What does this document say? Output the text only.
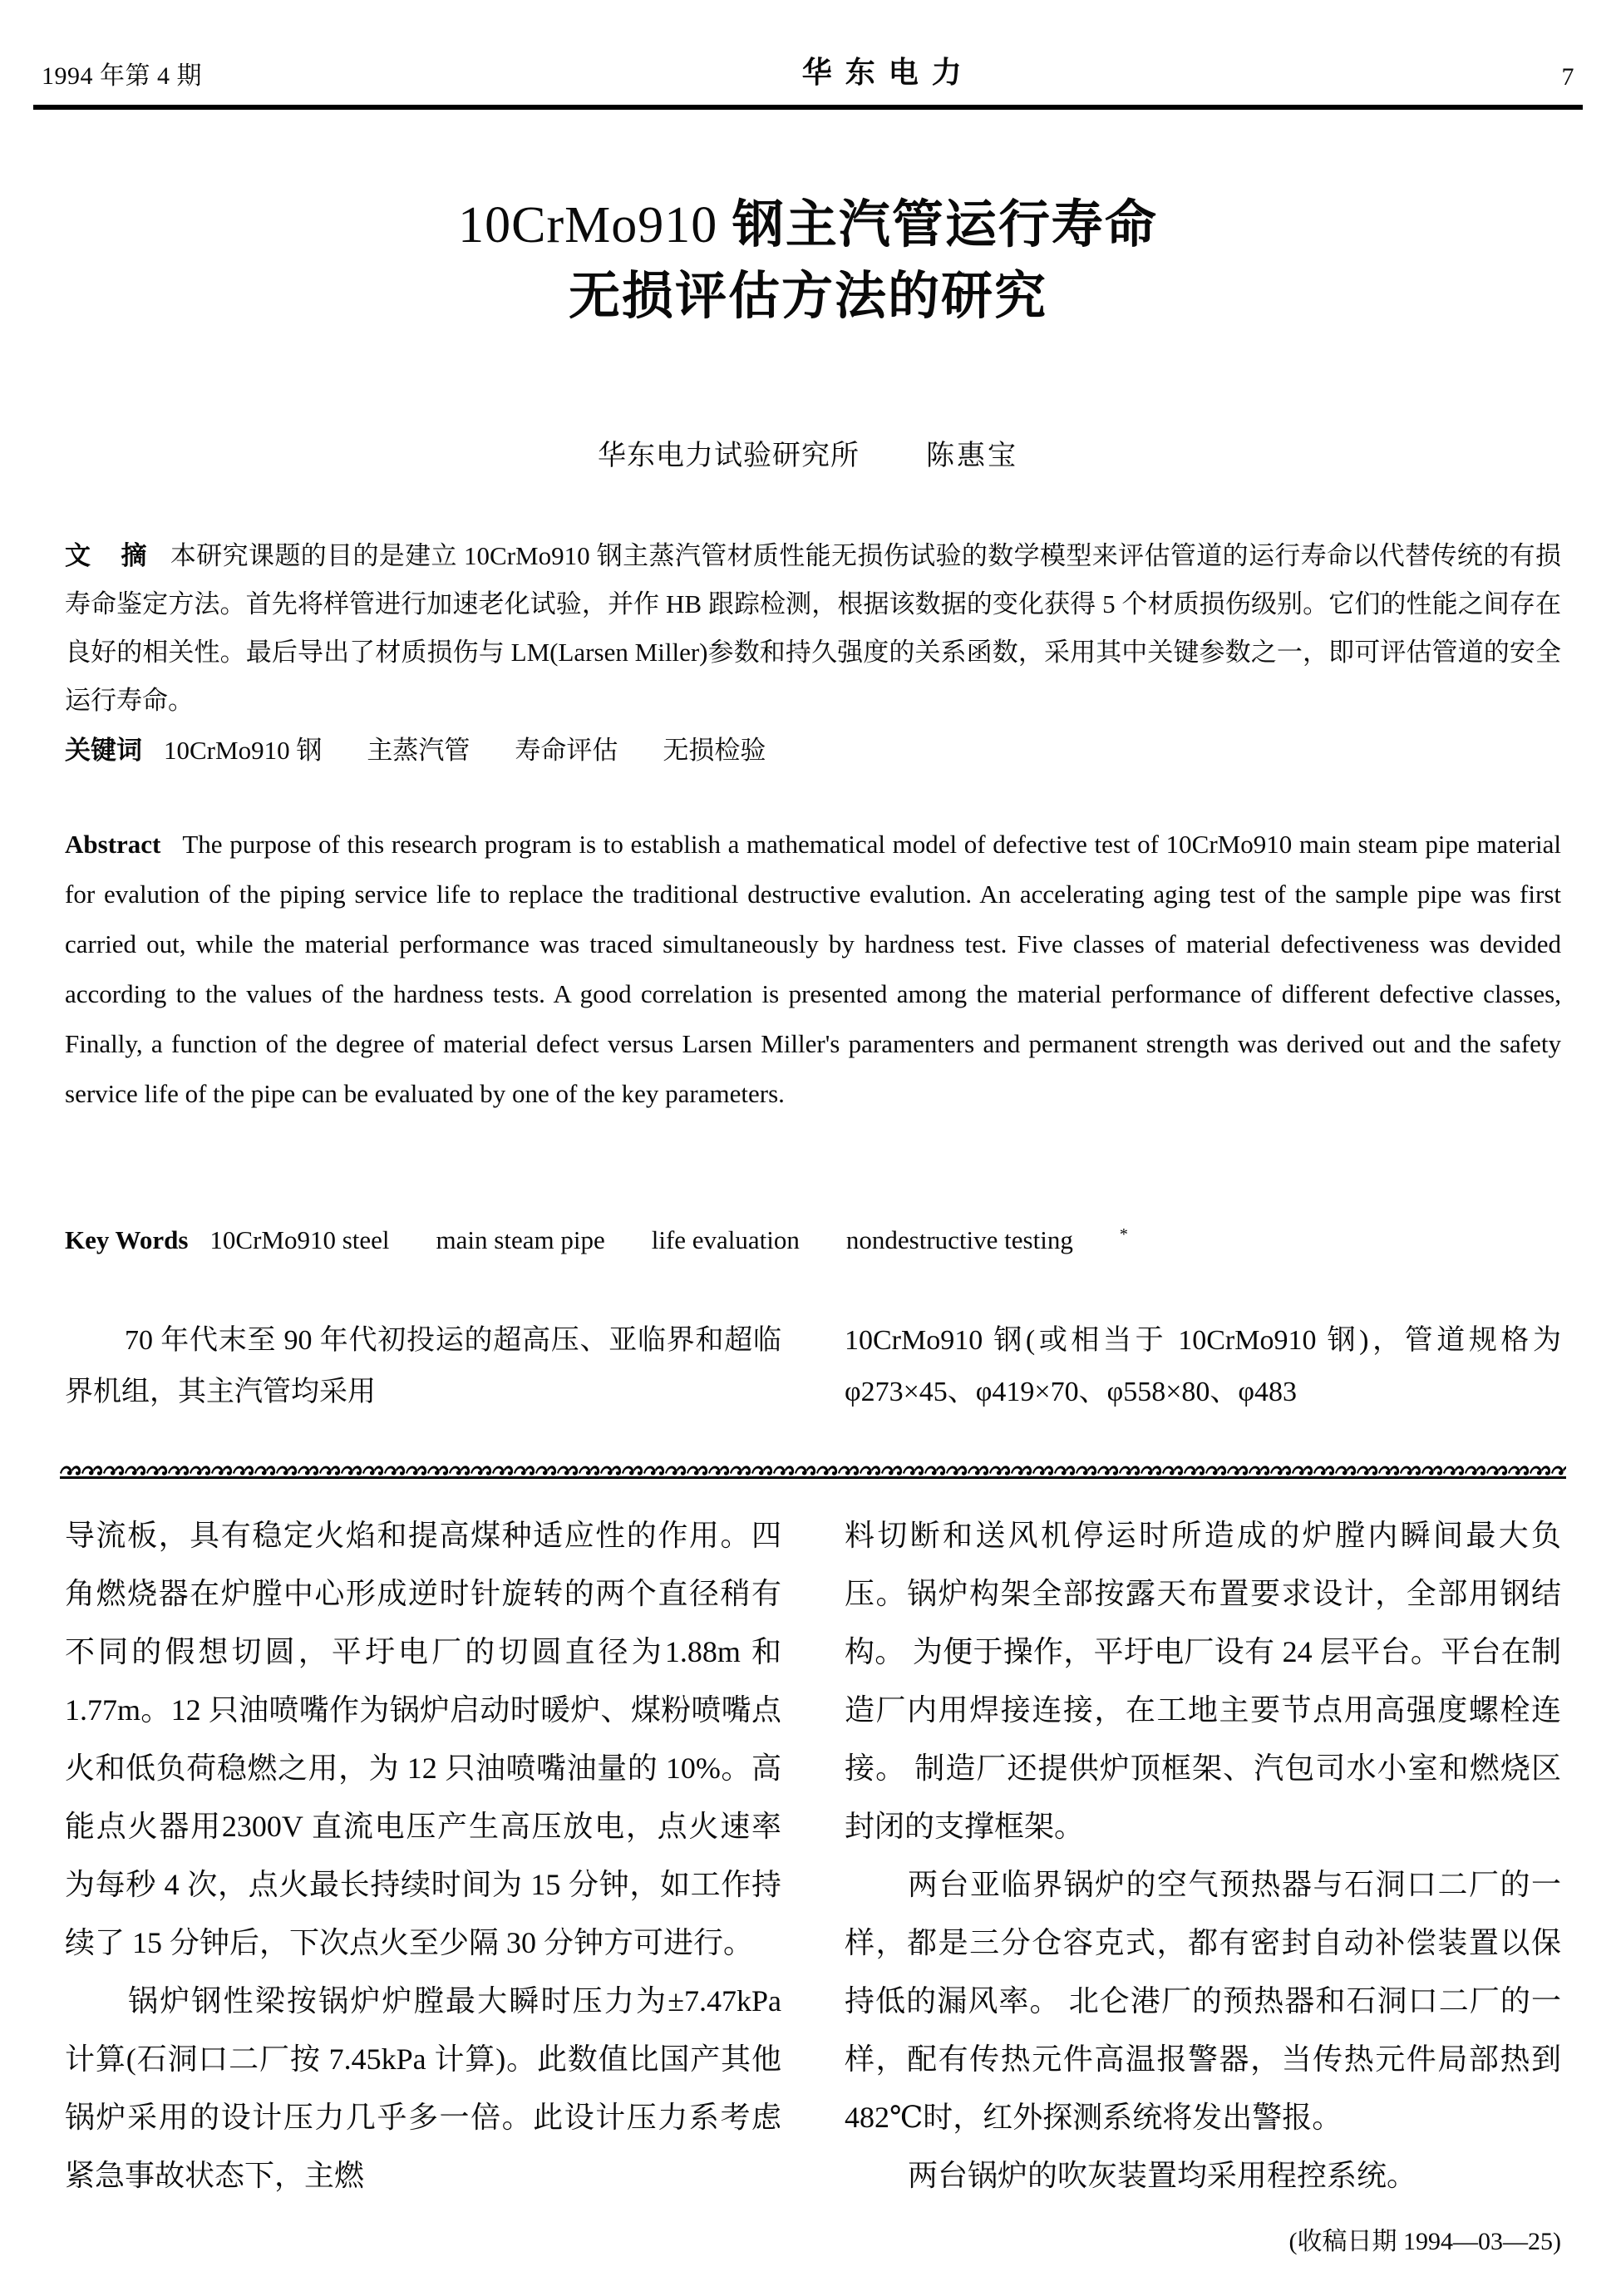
1994 年第 4 期	华东电力	7
10CrMo910 钢主汽管运行寿命
无损评估方法的研究
华东电力试验研究所 陈惠宝
文 摘 本研究课题的目的是建立 10CrMo910 钢主蒸汽管材质性能无损伤试验的数学模型来评估管道的运行寿命以代替传统的有损寿命鉴定方法。首先将样管进行加速老化试验，并作 HB 跟踪检测，根据该数据的变化获得 5 个材质损伤级别。它们的性能之间存在良好的相关性。最后导出了材质损伤与 LM(Larsen Miller)参数和持久强度的关系函数，采用其中关键参数之一，即可评估管道的安全运行寿命。
关键词 10CrMo910 钢 主蒸汽管 寿命评估 无损检验

Abstract The purpose of this research program is to establish a mathematical model of defective test of 10CrMo910 main steam pipe material for evalution of the piping service life to replace the traditional destructive evalution. An accelerating aging test of the sample pipe was first carried out, while the material performance was traced simultaneously by hardness test. Five classes of material defectiveness was devided according to the values of the hardness tests. A good correlation is presented among the material performance of different defective classes, Finally, a function of the degree of material defect versus Larsen Miller's paramenters and permanent strength was derived out and the safety service life of the pipe can be evaluated by one of the key parameters.

Key Words 10CrMo910 steel main steam pipe life evaluation nondestructive testing	*
70 年代末至 90 年代初投运的超高压、亚临界和超临界机组，其主汽管均采用
10CrMo910 钢(或相当于 10CrMo910 钢)，管道规格为φ273×45、φ419×70、φ558×80、φ483

导流板，具有稳定火焰和提高煤种适应性的作用。四角燃烧器在炉膛中心形成逆时针旋转的两个直径稍有不同的假想切圆，平圩电厂的切圆直径为1.88m 和 1.77m。12 只油喷嘴作为锅炉启动时暖炉、煤粉喷嘴点火和低负荷稳燃之用，为 12 只油喷嘴油量的 10%。高能点火器用2300V 直流电压产生高压放电，点火速率为每秒 4 次，点火最长持续时间为 15 分钟，如工作持续了 15 分钟后，下次点火至少隔 30 分钟方可进行。

锅炉钢性梁按锅炉炉膛最大瞬时压力为±7.47kPa 计算(石洞口二厂按 7.45kPa 计算)。此数值比国产其他锅炉采用的设计压力几乎多一倍。此设计压力系考虑紧急事故状态下，主燃

料切断和送风机停运时所造成的炉膛内瞬间最大负压。锅炉构架全部按露天布置要求设计，全部用钢结构。 为便于操作，平圩电厂设有 24 层平台。平台在制造厂内用焊接连接，在工地主要节点用高强度螺栓连接。 制造厂还提供炉顶框架、汽包司水小室和燃烧区封闭的支撑框架。

两台亚临界锅炉的空气预热器与石洞口二厂的一样，都是三分仓容克式，都有密封自动补偿装置以保持低的漏风率。 北仑港厂的预热器和石洞口二厂的一样，配有传热元件高温报警器，当传热元件局部热到 482℃时，红外探测系统将发出警报。

两台锅炉的吹灰装置均采用程控系统。

(收稿日期 1994—03—25)
